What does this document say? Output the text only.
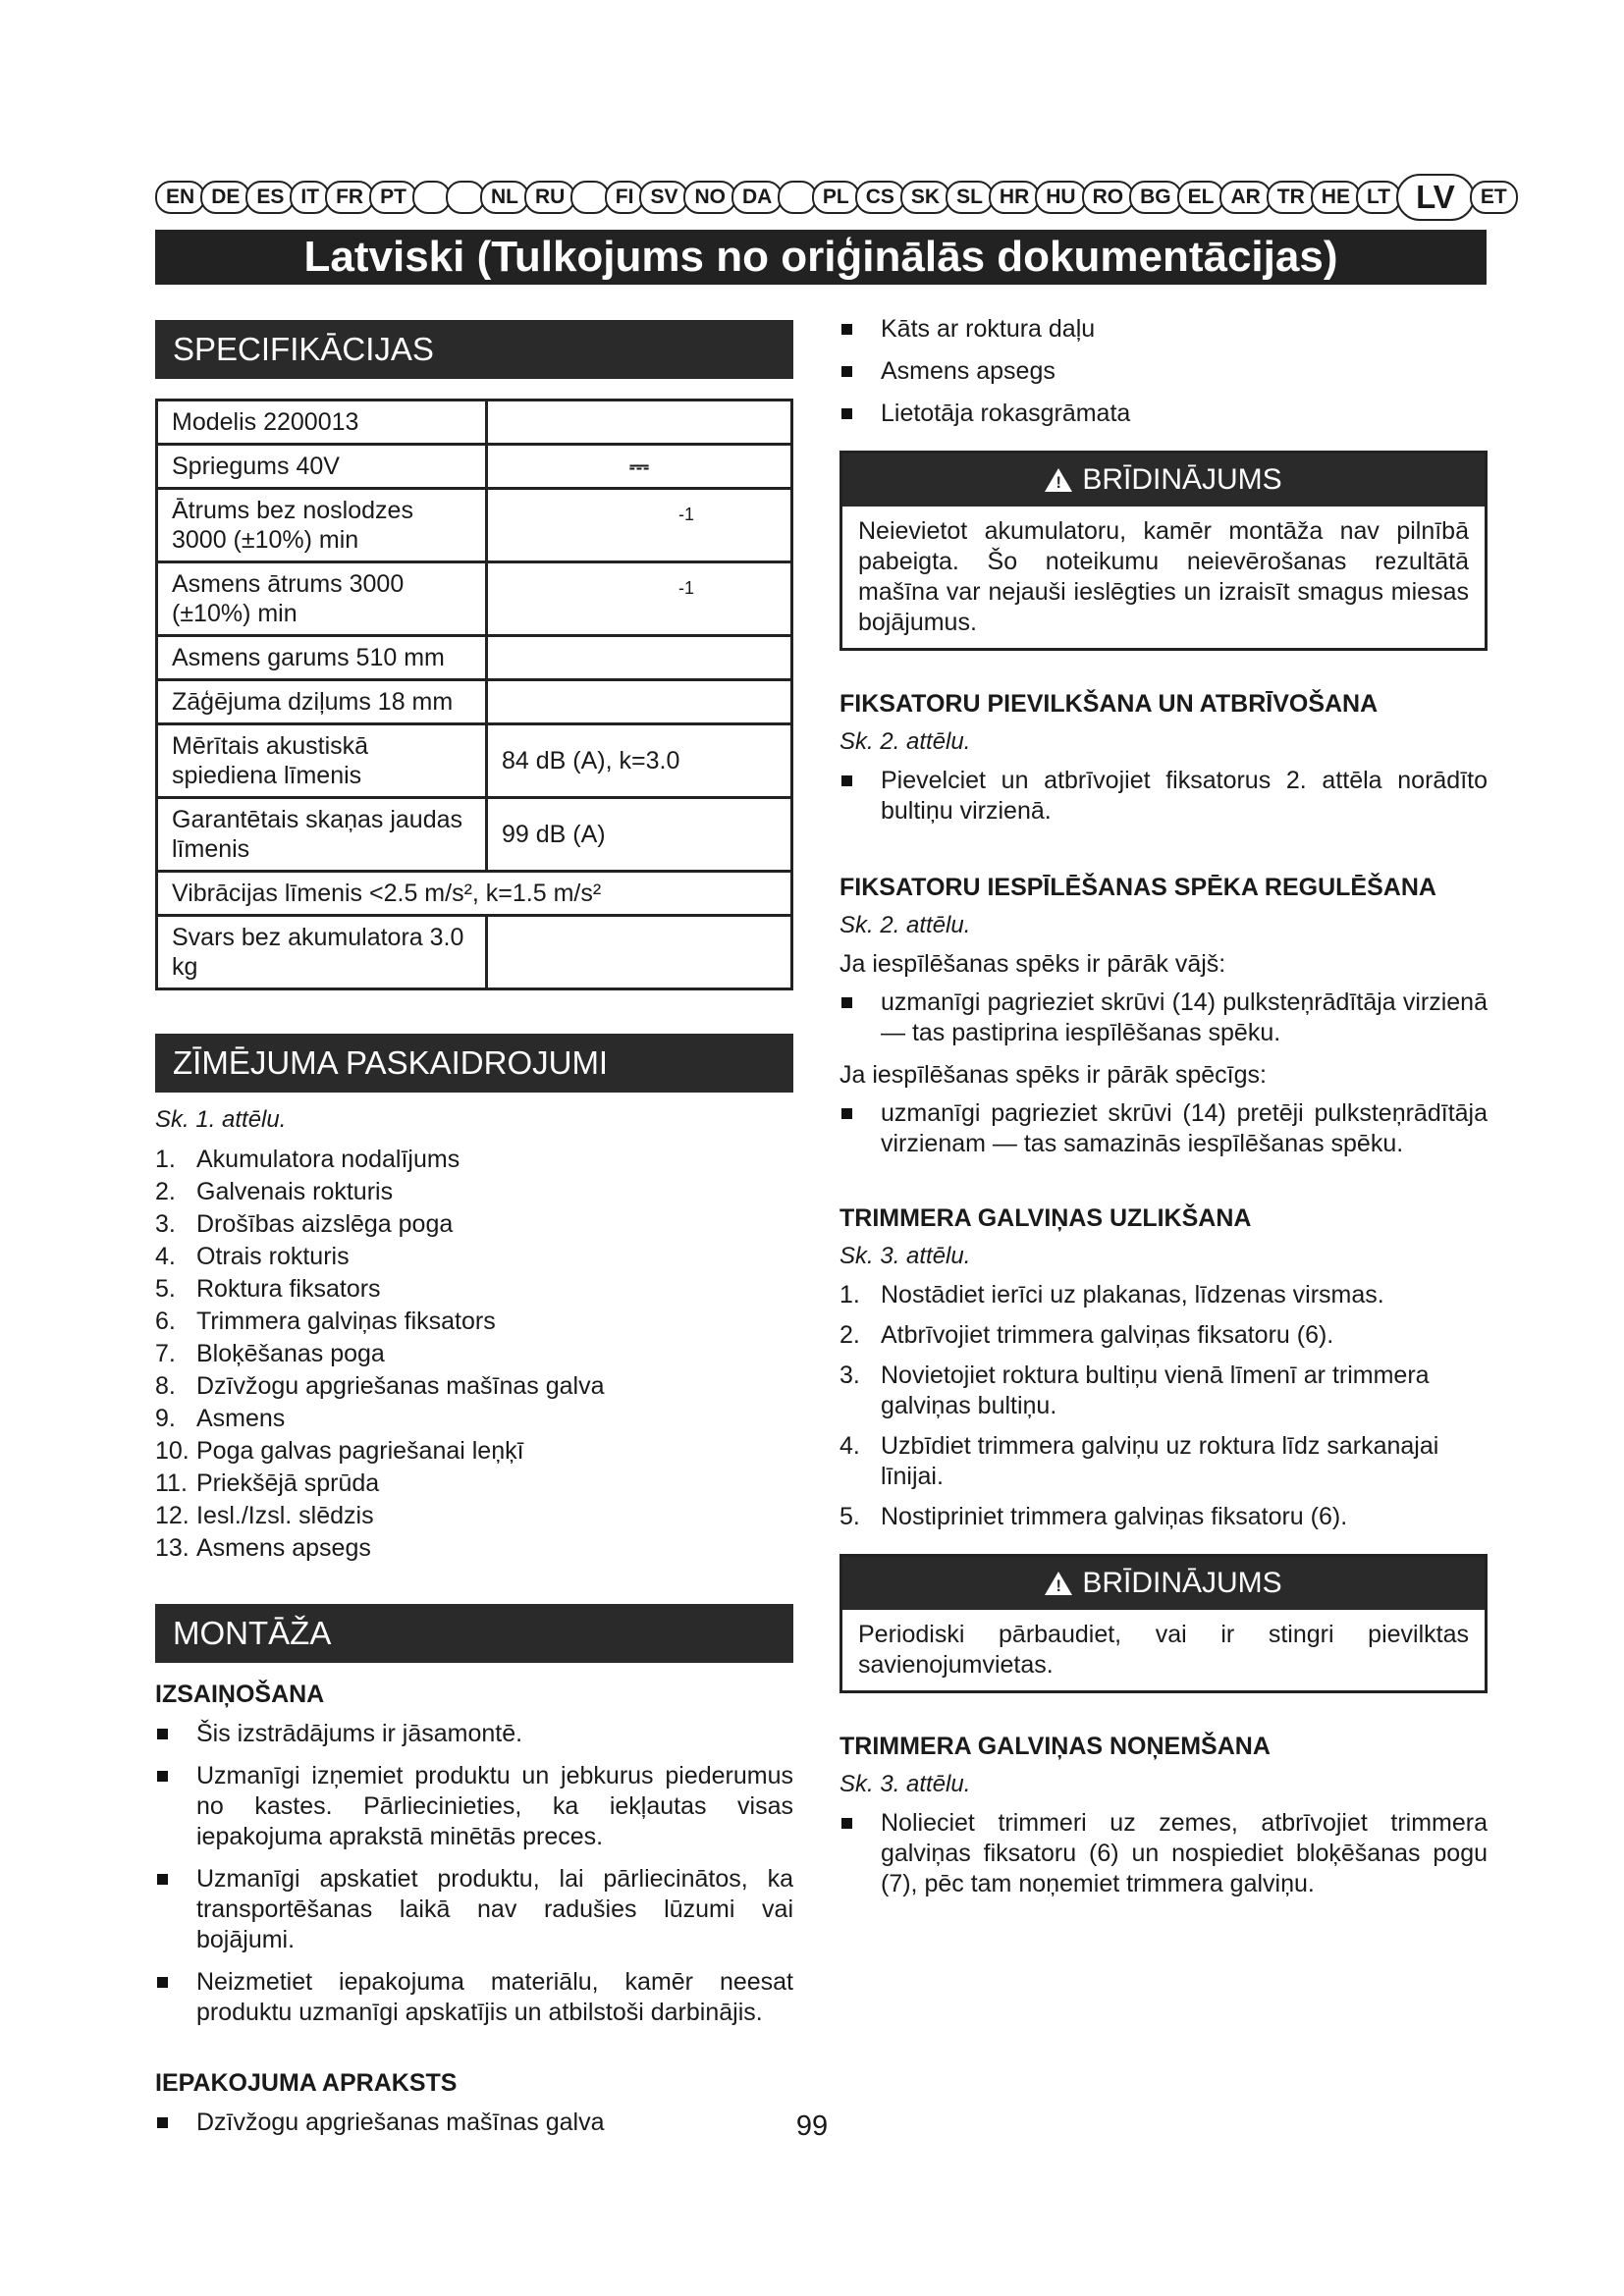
EN DE ES IT FR PT

	NL RU
	FI SV NO DA
	PL CS SK SL HR HU RO BG EL AR TR HE LT LV	ET
Latviski (Tulkojums no oriģinālās dokumentācijas)
SPECIFIKĀCIJAS
Modelis 2200013	
Spriegums 40V	⎓
Ātrums bez noslodzes 3000 (±10%) min	$^{-1}$
Asmens ātrums 3000 (±10%) min	$^{-1}$
Asmens garums 510 mm	
Zāģējuma dziļums 18 mm	
Mērītais akustiskā spiediena līmenis	84 dB (A), k=3.0
Garantētais skaņas jaudas līmenis	99 dB (A)
Vibrācijas līmenis <2.5 m/s², k=1.5 m/s²	
Svars bez akumulatora 3.0 kg	
ZĪMĒJUMA PASKAIDROJUMI
Sk. 1. attēlu.
1. Akumulatora nodalījums
2. Galvenais rokturis
3. Drošības aizslēga poga
4. Otrais rokturis
5. Roktura fiksators
6. Trimmera galviņas fiksators
7. Bloķēšanas poga
8. Dzīvžogu apgriešanas mašīnas galva
9. Asmens
10. Poga galvas pagriešanai leņķī
11. Priekšējā sprūda
12. Iesl./Izsl. slēdzis
13. Asmens apsegs
MONTĀŽA
IZSAIŅOŠANA
Šis izstrādājums ir jāsamontē.
Uzmanīgi izņemiet produktu un jebkurus piederumus no kastes. Pārliecinieties, ka iekļautas visas iepakojuma aprakstā minētās preces.
Uzmanīgi apskatiet produktu, lai pārliecinātos, ka transportēšanas laikā nav radušies lūzumi vai bojājumi.
Neizmetiet iepakojuma materiālu, kamēr neesat produktu uzmanīgi apskatījis un atbilstoši darbinājis.
IEPAKOJUMA APRAKSTS
Dzīvžogu apgriešanas mašīnas galva
Kāts ar roktura daļu
Asmens apsegs
Lietotāja rokasgrāmata
! BRĪDINĀJUMS
Neievietot akumulatoru, kamēr montāža nav pilnībā pabeigta. Šo noteikumu neievērošanas rezultātā mašīna var nejauši ieslēgties un izraisīt smagus miesas bojājumus.
FIKSATORU PIEVILKŠANA UN ATBRĪVOŠANA
Sk. 2. attēlu.
Pievelciet un atbrīvojiet fiksatorus 2. attēla norādīto bultiņu virzienā.
FIKSATORU IESPĪLĒŠANAS SPĒKA REGULĒŠANA
Sk. 2. attēlu.
Ja iespīlēšanas spēks ir pārāk vājš:
uzmanīgi pagrieziet skrūvi (14) pulksteņrādītāja virzienā — tas pastiprina iespīlēšanas spēku.
Ja iespīlēšanas spēks ir pārāk spēcīgs:
uzmanīgi pagrieziet skrūvi (14) pretēji pulksteņrādītāja virzienam — tas samazinās iespīlēšanas spēku.
TRIMMERA GALVIŅAS UZLIKŠANA
Sk. 3. attēlu.
1. Nostādiet ierīci uz plakanas, līdzenas virsmas.
2. Atbrīvojiet trimmera galviņas fiksatoru (6).
3. Novietojiet roktura bultiņu vienā līmenī ar trimmera galviņas bultiņu.
4. Uzbīdiet trimmera galviņu uz roktura līdz sarkanajai līnijai.
5. Nostipriniet trimmera galviņas fiksatoru (6).
! BRĪDINĀJUMS
Periodiski pārbaudiet, vai ir stingri pievilktas savienojumvietas.
TRIMMERA GALVIŅAS NOŅEMŠANA
Sk. 3. attēlu.
Nolieciet trimmeri uz zemes, atbrīvojiet trimmera galviņas fiksatoru (6) un nospiediet bloķēšanas pogu (7), pēc tam noņemiet trimmera galviņu.
99
